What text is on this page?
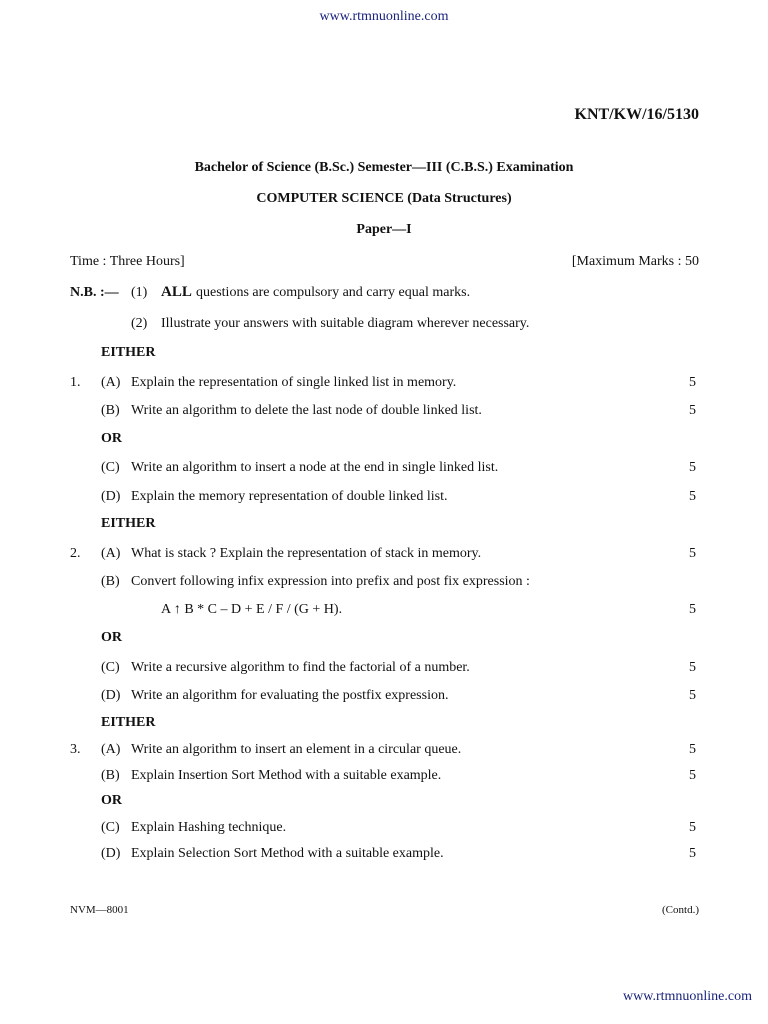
www.rtmnuonline.com
KNT/KW/16/5130
Bachelor of Science (B.Sc.) Semester—III (C.B.S.) Examination
COMPUTER SCIENCE (Data Structures)
Paper—I
Time : Three Hours]	[Maximum Marks : 50
N.B. :— (1) ALL questions are compulsory and carry equal marks.
(2) Illustrate your answers with suitable diagram wherever necessary.
EITHER
1. (A) Explain the representation of single linked list in memory.	5
(B) Write an algorithm to delete the last node of double linked list.	5
OR
(C) Write an algorithm to insert a node at the end in single linked list.	5
(D) Explain the memory representation of double linked list.	5
EITHER
2. (A) What is stack ? Explain the representation of stack in memory.	5
(B) Convert following infix expression into prefix and post fix expression :
A ↑ B * C – D + E / F / (G + H).	5
OR
(C) Write a recursive algorithm to find the factorial of a number.	5
(D) Write an algorithm for evaluating the postfix expression.	5
EITHER
3. (A) Write an algorithm to insert an element in a circular queue.	5
(B) Explain Insertion Sort Method with a suitable example.	5
OR
(C) Explain Hashing technique.	5
(D) Explain Selection Sort Method with a suitable example.	5
NVM—8001	(Contd.)
www.rtmnuonline.com
